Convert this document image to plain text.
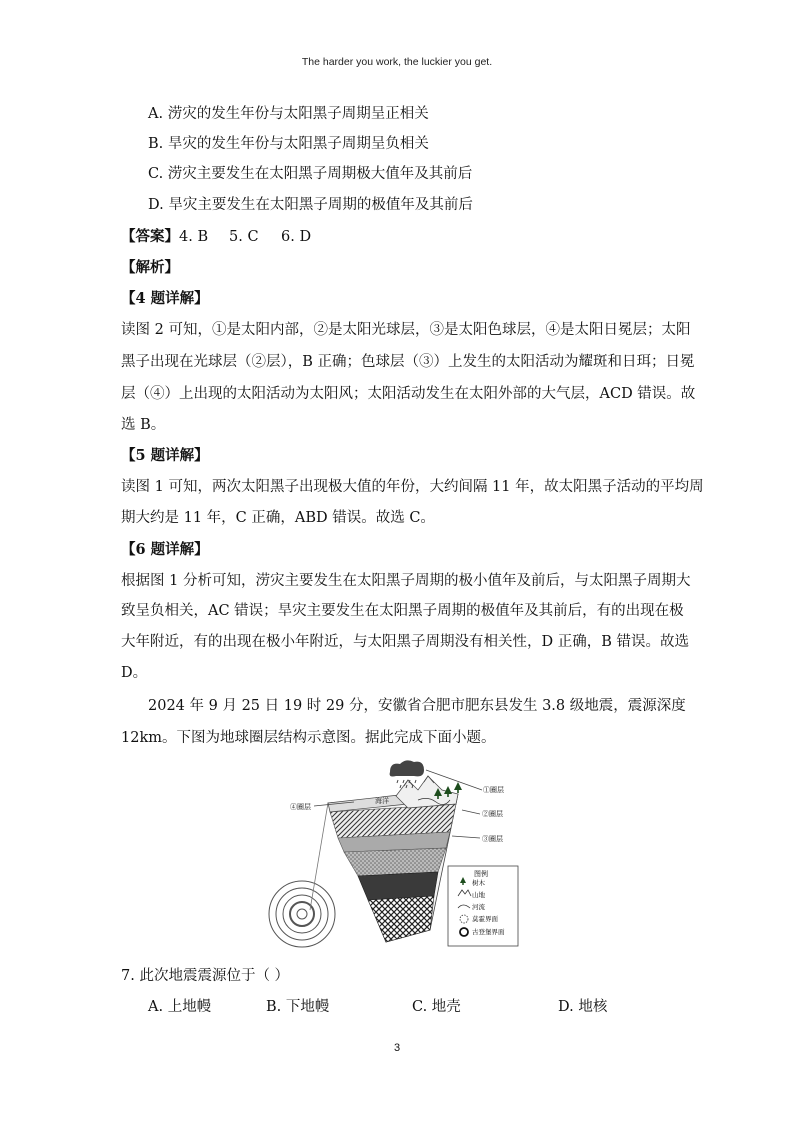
The harder you work, the luckier you get.
A. 涝灾的发生年份与太阳黑子周期呈正相关
B. 旱灾的发生年份与太阳黑子周期呈负相关
C. 涝灾主要发生在太阳黑子周期极大值年及其前后
D. 旱灾主要发生在太阳黑子周期的极值年及其前后
【答案】4. B 5. C 6. D
【解析】
【4 题详解】
读图 2 可知，①是太阳内部，②是太阳光球层，③是太阳色球层，④是太阳日冕层；太阳
黑子出现在光球层（②层），B 正确；色球层（③）上发生的太阳活动为耀斑和日珥；日冕
层（④）上出现的太阳活动为太阳风；太阳活动发生在太阳外部的大气层，ACD 错误。故
选 B。
【5 题详解】
读图 1 可知，两次太阳黑子出现极大值的年份，大约间隔 11 年，故太阳黑子活动的平均周
期大约是 11 年，C 正确，ABD 错误。故选 C。
【6 题详解】
根据图 1 分析可知，涝灾主要发生在太阳黑子周期的极小值年及前后，与太阳黑子周期大
致呈负相关，AC 错误；旱灾主要发生在太阳黑子周期的极值年及其前后，有的出现在极
大年附近，有的出现在极小年附近，与太阳黑子周期没有相关性，D 正确，B 错误。故选
D。
2024 年 9 月 25 日 19 时 29 分，安徽省合肥市肥东县发生 3.8 级地震，震源深度
12km。下图为地球圈层结构示意图。据此完成下面小题。
海洋
①圈层
②圈层
③圈层
④圈层
图例
树木
山地
河流
莫霍界面
古登堡界面
7. 此次地震震源位于（ ）
A. 上地幔	B. 下地幔	C. 地壳	D. 地核
3
